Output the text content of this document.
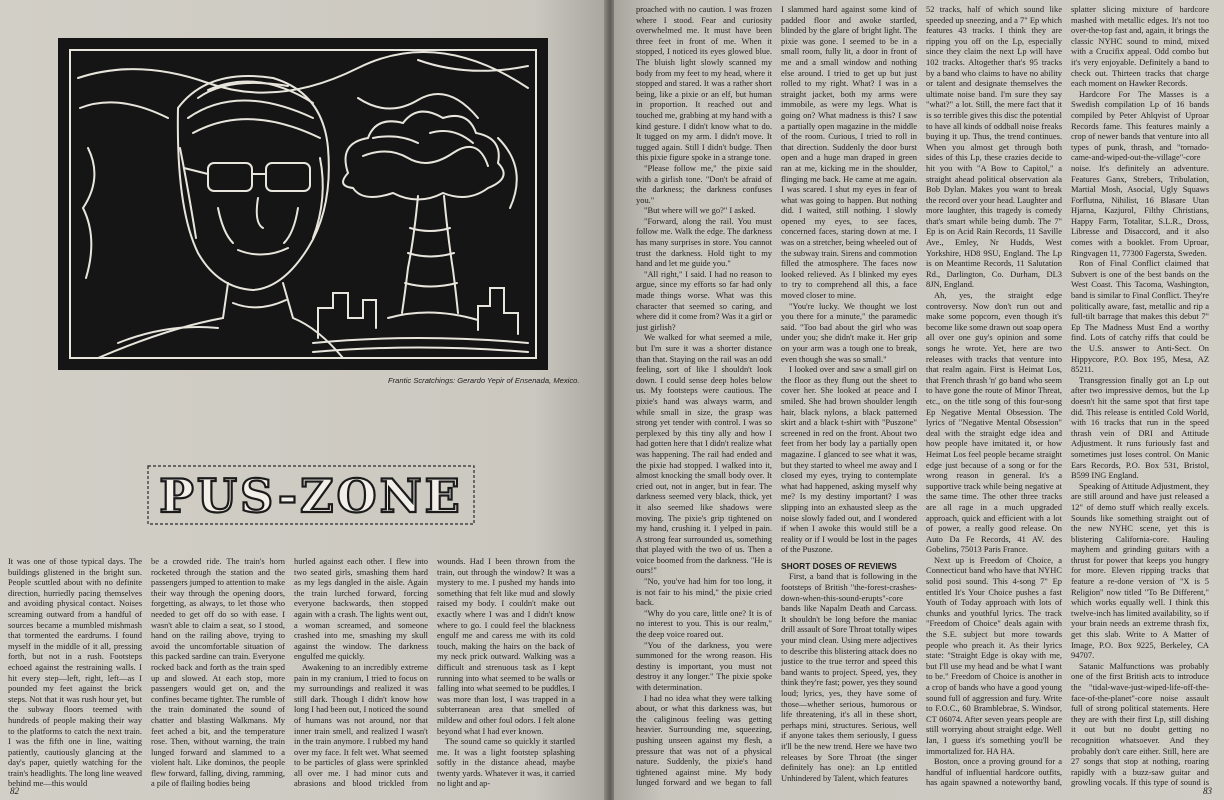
Frantic Scratchings: Gerardo Yepir of Ensenada, Mexico.
PUS-ZONE

It was one of those typical days. The buildings glistened in the bright sun. People scuttled about with no definite direction, hurriedly pacing themselves and avoiding physical contact. Noises screaming outward from a handful of sources became a mumbled mishmash that tormented the eardrums. I found myself in the middle of it all, pressing forth, but not in a rush. Footsteps echoed against the restraining walls. I hit every step—left, right, left—as I pounded my feet against the brick steps. Not that it was rush hour yet, but the subway floors teemed with hundreds of people making their way to the platforms to catch the next train. I was the fifth one in line, waiting patiently, cautiously glancing at the day's paper, quietly watching for the train's headlights. The long line weaved behind me—this would

be a crowded ride. The train's horn rocketed through the station and the passengers jumped to attention to make their way through the opening doors, forgetting, as always, to let those who needed to get off do so with ease. I wasn't able to claim a seat, so I stood, hand on the railing above, trying to avoid the uncomfortable situation of this packed sardine can train. Everyone rocked back and forth as the train sped up and slowed. At each stop, more passengers would get on, and the confines became tighter. The rumble of the train dominated the sound of chatter and blasting Walkmans. My feet ached a bit, and the temperature rose. Then, without warning, the train lunged forward and slammed to a violent halt. Like dominos, the people flew forward, falling, diving, ramming, a pile of flailing bodies being

hurled against each other. I flew into two seated girls, smashing them hard as my legs dangled in the aisle. Again the train lurched forward, forcing everyone backwards, then stopped again with a crash. The lights went out, a woman screamed, and someone crashed into me, smashing my skull against the window. The darkness engulfed me quickly.

Awakening to an incredibly extreme pain in my cranium, I tried to focus on my surroundings and realized it was still dark. Though I didn't know how long I had been out, I noticed the sound of humans was not around, nor that inner train smell, and realized I wasn't in the train anymore. I rubbed my hand over my face. It felt wet. What seemed to be particles of glass were sprinkled all over me. I had minor cuts and abrasions and blood trickled from

wounds. Had I been thrown from the train, out through the window? It was a mystery to me. I pushed my hands into something that felt like mud and slowly raised my body. I couldn't make out exactly where I was and I didn't know where to go. I could feel the blackness engulf me and caress me with its cold touch, making the hairs on the back of my neck prick outward. Walking was a difficult and strenuous task as I kept running into what seemed to be walls or falling into what seemed to be puddles. I was more than lost, I was trapped in a subterranean area that smelled of mildew and other foul odors. I felt alone beyond what I had ever known.

The sound came so quickly it startled me. It was a light footstep splashing softly in the distance ahead, maybe twenty yards. Whatever it was, it carried no light and ap-

82

proached with no caution. I was frozen where I stood. Fear and curiosity overwhelmed me. It must have been three feet in front of me. When it stopped, I noticed its eyes glowed blue. The bluish light slowly scanned my body from my feet to my head, where it stopped and stared. It was a rather short being, like a pixie or an elf, but human in proportion. It reached out and touched me, grabbing at my hand with a kind gesture. I didn't know what to do. It tugged on my arm. I didn't move. It tugged again. Still I didn't budge. Then this pixie figure spoke in a strange tone.

"Please follow me," the pixie said with a girlish tone. "Don't be afraid of the darkness; the darkness confuses you."

"But where will we go?" I asked.

"Forward, along the rail. You must follow me. Walk the edge. The darkness has many surprises in store. You cannot trust the darkness. Hold tight to my hand and let me guide you."

"All right," I said. I had no reason to argue, since my efforts so far had only made things worse. What was this character that seemed so caring, and where did it come from? Was it a girl or just girlish?

We walked for what seemed a mile, but I'm sure it was a shorter distance than that. Staying on the rail was an odd feeling, sort of like I shouldn't look down. I could sense deep holes below us. My footsteps were cautious. The pixie's hand was always warm, and while small in size, the grasp was strong yet tender with control. I was so perplexed by this tiny ally and how I had gotten here that I didn't realize what was happening. The rail had ended and the pixie had stopped. I walked into it, almost knocking the small body over. It cried out, not in anger, but in fear. The darkness seemed very black, thick, yet it also seemed like shadows were moving. The pixie's grip tightened on my hand, crushing it. I yelped in pain. A strong fear surrounded us, something that played with the two of us. Then a voice boomed from the darkness. "He is ours!"

"No, you've had him for too long, it is not fair to his mind," the pixie cried back.

"Why do you care, little one? It is of no interest to you. This is our realm," the deep voice roared out.

"You of the darkness, you were summoned for the wrong reason. His destiny is important, you must not destroy it any longer." The pixie spoke with determination.

I had no idea what they were talking about, or what this darkness was, but the caliginous feeling was getting heavier. Surrounding me, squeezing, pushing unseen against my flesh, a pressure that was not of a physical nature. Suddenly, the pixie's hand tightened against mine. My body lunged forward and we began to fall

I slammed hard against some kind of padded floor and awoke startled, blinded by the glare of bright light. The pixie was gone. I seemed to be in a small room, fully lit, a door in front of me and a small window and nothing else around. I tried to get up but just rolled to my right. What? I was in a straight jacket, both my arms were immobile, as were my legs. What is going on? What madness is this? I saw a partially open magazine in the middle of the room. Curious, I tried to roll in that direction. Suddenly the door burst open and a huge man draped in green ran at me, kicking me in the shoulder, flinging me back. He came at me again. I was scared. I shut my eyes in fear of what was going to happen. But nothing did. I waited, still nothing. I slowly opened my eyes, to see faces, concerned faces, staring down at me. I was on a stretcher, being wheeled out of the subway train. Sirens and commotion filled the atmosphere. The faces now looked relieved. As I blinked my eyes to try to comprehend all this, a face moved closer to mine.

"You're lucky. We thought we lost you there for a minute," the paramedic said. "Too bad about the girl who was under you; she didn't make it. Her grip on your arm was a tough one to break, even though she was so small."

I looked over and saw a small girl on the floor as they flung out the sheet to cover her. She looked at peace and I smiled. She had brown shoulder length hair, black nylons, a black patterned skirt and a black t-shirt with "Puszone" screened in red on the front. About two feet from her body lay a partially open magazine. I glanced to see what it was, but they started to wheel me away and I closed my eyes, trying to contemplate what had happened, asking myself why me? Is my destiny important? I was slipping into an exhausted sleep as the noise slowly faded out, and I wondered if when I awoke this would still be a reality or if I would be lost in the pages of the Puszone.

SHORT DOSES OF REVIEWS

First, a band that is following in the footsteps of British "the-forest-crashes-down-when-this-sound-erupts"-core bands like Napalm Death and Carcass. It shouldn't be long before the maniac drill assault of Sore Throat totally wipes your mind clean. Using mere adjectives to describe this blistering attack does no justice to the true terror and speed this band wants to project. Speed, yes, they think they're fast; power, yes they sound loud; lyrics, yes, they have some of those—whether serious, humorous or life threatening, it's all in these short, perhaps mini, structures. Serious, well if anyone takes them seriously, I guess it'll be the new trend. Here we have two releases by Sore Throat (the singer definitely has one): an Lp entitled Unhindered by Talent, which features

52 tracks, half of which sound like speeded up sneezing, and a 7" Ep which features 43 tracks. I think they are ripping you off on the Lp, especially since they claim the next Lp will have 102 tracks. Altogether that's 95 tracks by a band who claims to have no ability or talent and designate themselves the ultimate noise band. I'm sure they say "what?" a lot. Still, the mere fact that it is so terrible gives this disc the potential to have all kinds of oddball noise freaks buying it up. Thus, the trend continues. When you almost get through both sides of this Lp, these crazies decide to hit you with "A Bow to Capitol," a straight ahead political observation ala Bob Dylan. Makes you want to break the record over your head. Laughter and more laughter, this tragedy is comedy that's smart while being dumb. The 7" Ep is on Acid Rain Records, 11 Saville Ave., Emley, Nr Hudds, West Yorkshire, HD8 9SU, England. The Lp is on Meantime Records, 11 Salutation Rd., Darlington, Co. Durham, DL3 8JN, England.

Ah, yes, the straight edge controversy. Now don't run out and make some popcorn, even though it's become like some drawn out soap opera all over one guy's opinion and some songs he wrote. Yet, here are two releases with tracks that venture into that realm again. First is Heimat Los, that French thrash 'n' go band who seem to have gone the route of Minor Threat, etc., on the title song of this four-song Ep Negative Mental Obsession. The lyrics of "Negative Mental Obsession" deal with the straight edge idea and how people have imitated it, or how Heimat Los feel people became straight edge just because of a song or for the wrong reason in general. It's a supportive track while being negative at the same time. The other three tracks are all rage in a much upgraded approach, quick and efficient with a lot of power, a really good release. On Auto Da Fe Records, 41 AV. des Gobelins, 75013 Paris France.

Next up is Freedom of Choice, a Connecticut band who have that NYHC solid posi sound. This 4-song 7" Ep entitled It's Your Choice pushes a fast Youth of Today approach with lots of chunks and youthful lyrics. The track "Freedom of Choice" deals again with the S.E. subject but more towards people who preach it. As their lyrics state: "Straight Edge is okay with me, but I'll use my head and be what I want to be." Freedom of Choice is another in a crop of bands who have a good young sound full of aggression and fury. Write to F.O.C., 60 Bramblebrae, S. Windsor, CT 06074. After seven years people are still worrying about straight edge. Well Ian, I guess it's something you'll be immortalized for. HA HA.

Boston, once a proving ground for a handful of influential hardcore outfits, has again spawned a noteworthy band,

splatter slicing mixture of hardcore mashed with metallic edges. It's not too over-the-top fast and, again, it brings the classic NYHC sound to mind, mixed with a Crucifix appeal. Odd combo but it's very enjoyable. Definitely a band to check out. Thirteen tracks that charge each moment on Hawker Records.

Hardcore For The Masses is a Swedish compilation Lp of 16 bands compiled by Peter Ahlqvist of Uproar Records fame. This features mainly a crop of newer bands that venture into all types of punk, thrash, and "tornado-came-and-wiped-out-the-village"-core noise. It's definitely an adventure. Features Ganx, Strebers, Tribulation, Martial Mosh, Asocial, Ugly Squaws Forflutna, Nihilist, 16 Blasare Utan Hjarna, Kazjurol, Filthy Christians, Happy Farm, Totalitar, S.L.R., Dross, Libresse and Disaccord, and it also comes with a booklet. From Uproar, Ringvagen 11, 77300 Fagersta, Sweden.

Ron of Final Conflict claimed that Subvert is one of the best bands on the West Coast. This Tacoma, Washington, band is similar to Final Conflict. They're politically aware, fast, metallic and rip a full-tilt barrage that makes this debut 7" Ep The Madness Must End a worthy find. Lots of catchy riffs that could be the U.S. answer to Anti-Sect. On Hippycore, P.O. Box 195, Mesa, AZ 85211.

Transgression finally got an Lp out after two impressive demos, but the Lp doesn't hit the same spot that first tape did. This release is entitled Cold World, with 16 tracks that run in the speed thrash vein of DRI and Attitude Adjustment. It runs furiously fast and sometimes just loses control. On Manic Ears Records, P.O. Box 531, Bristol, B599 ING England.

Speaking of Attitude Adjustment, they are still around and have just released a 12" of demo stuff which really excels. Sounds like something straight out of the new NYHC scene, yet this is blistering California-core. Hauling mayhem and grinding guitars with a thrust for power that keeps you hungry for more. Eleven ripping tracks that feature a re-done version of "X is 5 Religion" now titled "To Be Different," which works equally well. I think this twelve-inch has limited availability, so if your brain needs an extreme thrash fix, get this slab. Write to A Matter of Image, P.O. Box 9225, Berkeley, CA 94707.

Satanic Malfunctions was probably one of the first British acts to introduce the "tidal-wave-just-wiped-life-off-the-face-of-the-planet"-core noise assault full of strong political statements. Here they are with their first Lp, still dishing it out but no doubt getting no recognition whatsoever. And they probably don't care either. Still, here are 27 songs that stop at nothing, roaring rapidly with a buzz-saw guitar and growling vocals. If this type of sound is

83
